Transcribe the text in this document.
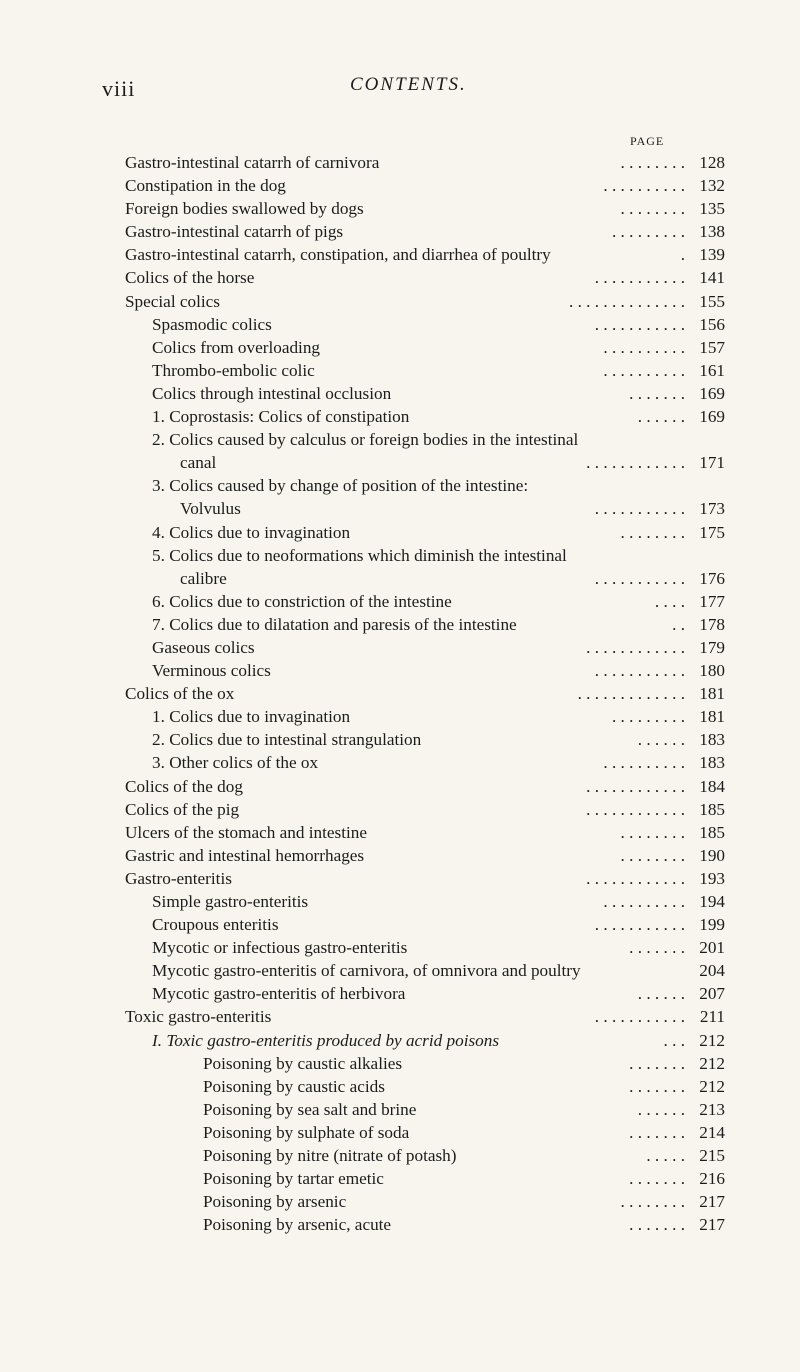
viii	CONTENTS.
PAGE
Gastro-intestinal catarrh of carnivora	. . . . . . . . 128
Constipation in the dog	. . . . . . . . . . 132
Foreign bodies swallowed by dogs	. . . . . . . . 135
Gastro-intestinal catarrh of pigs	. . . . . . . . . 138
Gastro-intestinal catarrh, constipation, and diarrhea of poultry	. 139
Colics of the horse	. . . . . . . . . . . 141
Special colics	. . . . . . . . . . . . . . 155
Spasmodic colics	. . . . . . . . . . . 156
Colics from overloading	. . . . . . . . . . 157
Thrombo-embolic colic	. . . . . . . . . . 161
Colics through intestinal occlusion	. . . . . . . 169
1. Coprostasis: Colics of constipation	. . . . . . 169
2. Colics caused by calculus or foreign bodies in the intestinal
canal	. . . . . . . . . . . . 171
3. Colics caused by change of position of the intestine:
Volvulus	. . . . . . . . . . . 173
4. Colics due to invagination	. . . . . . . . 175
5. Colics due to neoformations which diminish the intestinal
calibre	. . . . . . . . . . . 176
6. Colics due to constriction of the intestine	. . . . 177
7. Colics due to dilatation and paresis of the intestine	. . 178
Gaseous colics	. . . . . . . . . . . . 179
Verminous colics	. . . . . . . . . . . 180
Colics of the ox	. . . . . . . . . . . . . 181
1. Colics due to invagination	. . . . . . . . . 181
2. Colics due to intestinal strangulation	. . . . . . 183
3. Other colics of the ox	. . . . . . . . . . 183
Colics of the dog	. . . . . . . . . . . . 184
Colics of the pig	. . . . . . . . . . . . 185
Ulcers of the stomach and intestine	. . . . . . . . 185
Gastric and intestinal hemorrhages	. . . . . . . . 190
Gastro-enteritis	. . . . . . . . . . . . 193
Simple gastro-enteritis	. . . . . . . . . . 194
Croupous enteritis	. . . . . . . . . . . 199
Mycotic or infectious gastro-enteritis	. . . . . . . 201
Mycotic gastro-enteritis of carnivora, of omnivora and poultry	204
Mycotic gastro-enteritis of herbivora	. . . . . . 207
Toxic gastro-enteritis	. . . . . . . . . . . 211
I. Toxic gastro-enteritis produced by acrid poisons	. . . 212
Poisoning by caustic alkalies	. . . . . . . 212
Poisoning by caustic acids	. . . . . . . 212
Poisoning by sea salt and brine	. . . . . . 213
Poisoning by sulphate of soda	. . . . . . . 214
Poisoning by nitre (nitrate of potash)	. . . . . 215
Poisoning by tartar emetic	. . . . . . . 216
Poisoning by arsenic	. . . . . . . . 217
Poisoning by arsenic, acute	. . . . . . . 217
